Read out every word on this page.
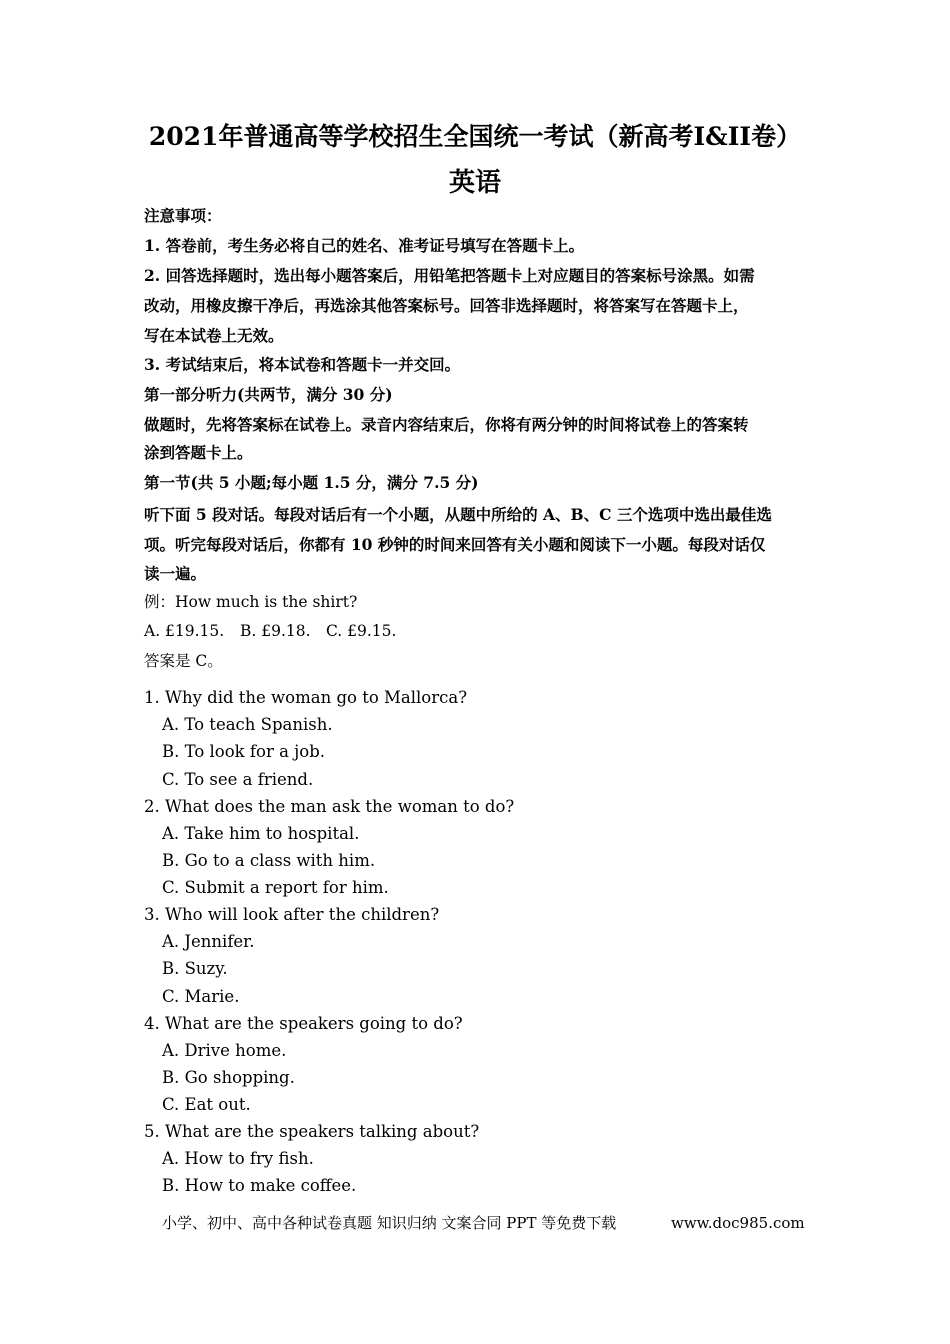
2021年普通高等学校招生全国统一考试（新高考I&II卷）
英语
注意事项：
1. 答卷前，考生务必将自己的姓名、准考证号填写在答题卡上。
2. 回答选择题时，选出每小题答案后，用铅笔把答题卡上对应题目的答案标号涂黑。如需
改动，用橡皮擦干净后，再选涂其他答案标号。回答非选择题时，将答案写在答题卡上，
写在本试卷上无效。
3. 考试结束后，将本试卷和答题卡一并交回。
第一部分听力(共两节，满分 30 分)
做题时，先将答案标在试卷上。录音内容结束后，你将有两分钟的时间将试卷上的答案转
涂到答题卡上。
第一节(共 5 小题;每小题 1.5 分，满分 7.5 分)
听下面 5 段对话。每段对话后有一个小题，从题中所给的 A、B、C 三个选项中选出最佳选
项。听完每段对话后，你都有 10 秒钟的时间来回答有关小题和阅读下一小题。每段对话仅
读一遍。
例：How much is the shirt?
A. £19.15. B. £9.18. C. £9.15.
答案是 C。
1. Why did the woman go to Mallorca?
A. To teach Spanish.
B. To look for a job.
C. To see a friend.
2. What does the man ask the woman to do?
A. Take him to hospital.
B. Go to a class with him.
C. Submit a report for him.
3. Who will look after the children?
A. Jennifer.
B. Suzy.
C. Marie.
4. What are the speakers going to do?
A. Drive home.
B. Go shopping.
C. Eat out.
5. What are the speakers talking about?
A. How to fry fish.
B. How to make coffee.
小学、初中、高中各种试卷真题 知识归纳 文案合同 PPT 等免费下载	www.doc985.com
